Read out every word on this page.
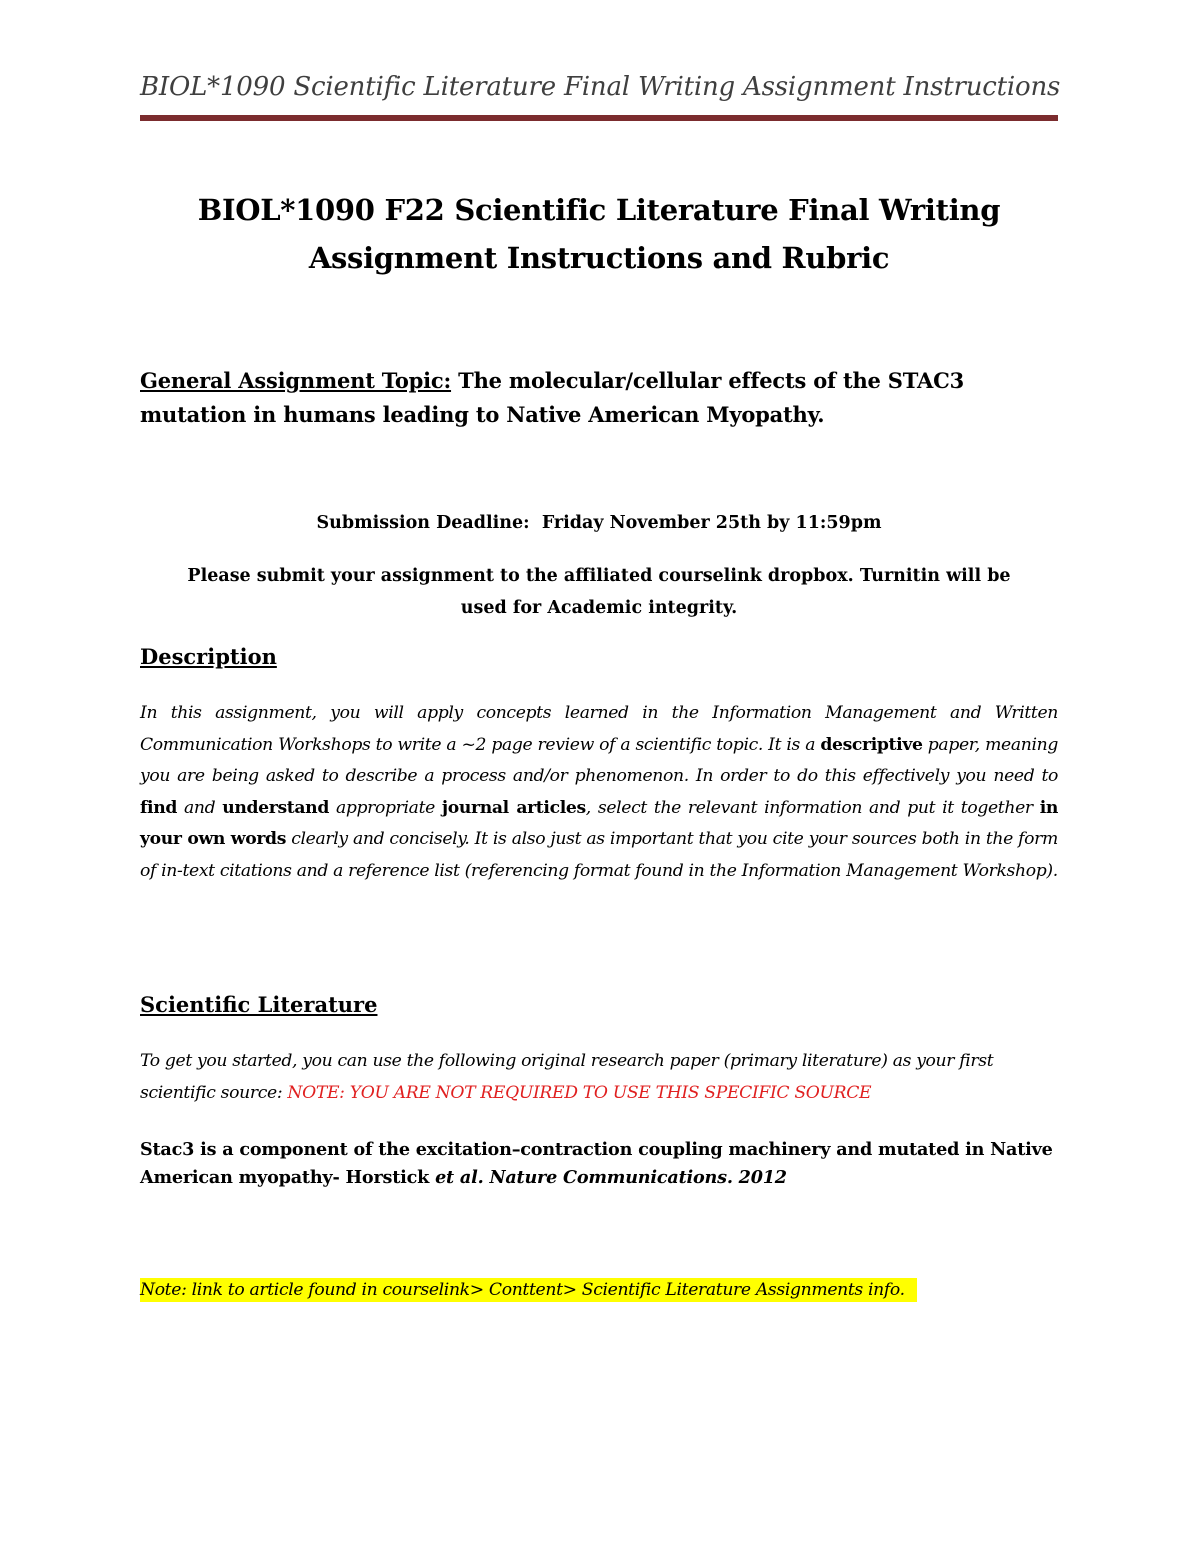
BIOL*1090 Scientific Literature Final Writing Assignment Instructions
BIOL*1090 F22 Scientific Literature Final Writing
Assignment Instructions and Rubric
General Assignment Topic: The molecular/cellular effects of the STAC3
mutation in humans leading to Native American Myopathy.
Submission Deadline: Friday November 25th by 11:59pm
Please submit your assignment to the affiliated courselink dropbox. Turnitin will be
used for Academic integrity.
Description
In this assignment, you will apply concepts learned in the Information Management and Written Communication Workshops to write a ~2 page review of a scientific topic. It is a descriptive paper, meaning you are being asked to describe a process and/or phenomenon. In order to do this effectively you need to find and understand appropriate journal articles, select the relevant information and put it together in your own words clearly and concisely. It is also just as important that you cite your sources both in the form of in-text citations and a reference list (referencing format found in the Information Management Workshop).
Scientific Literature
To get you started, you can use the following original research paper (primary literature) as your first scientific source: NOTE: YOU ARE NOT REQUIRED TO USE THIS SPECIFIC SOURCE
Stac3 is a component of the excitation–contraction coupling machinery and mutated in Native American myopathy- Horstick et al. Nature Communications. 2012
Note: link to article found in courselink> Conttent> Scientific Literature Assignments info.
